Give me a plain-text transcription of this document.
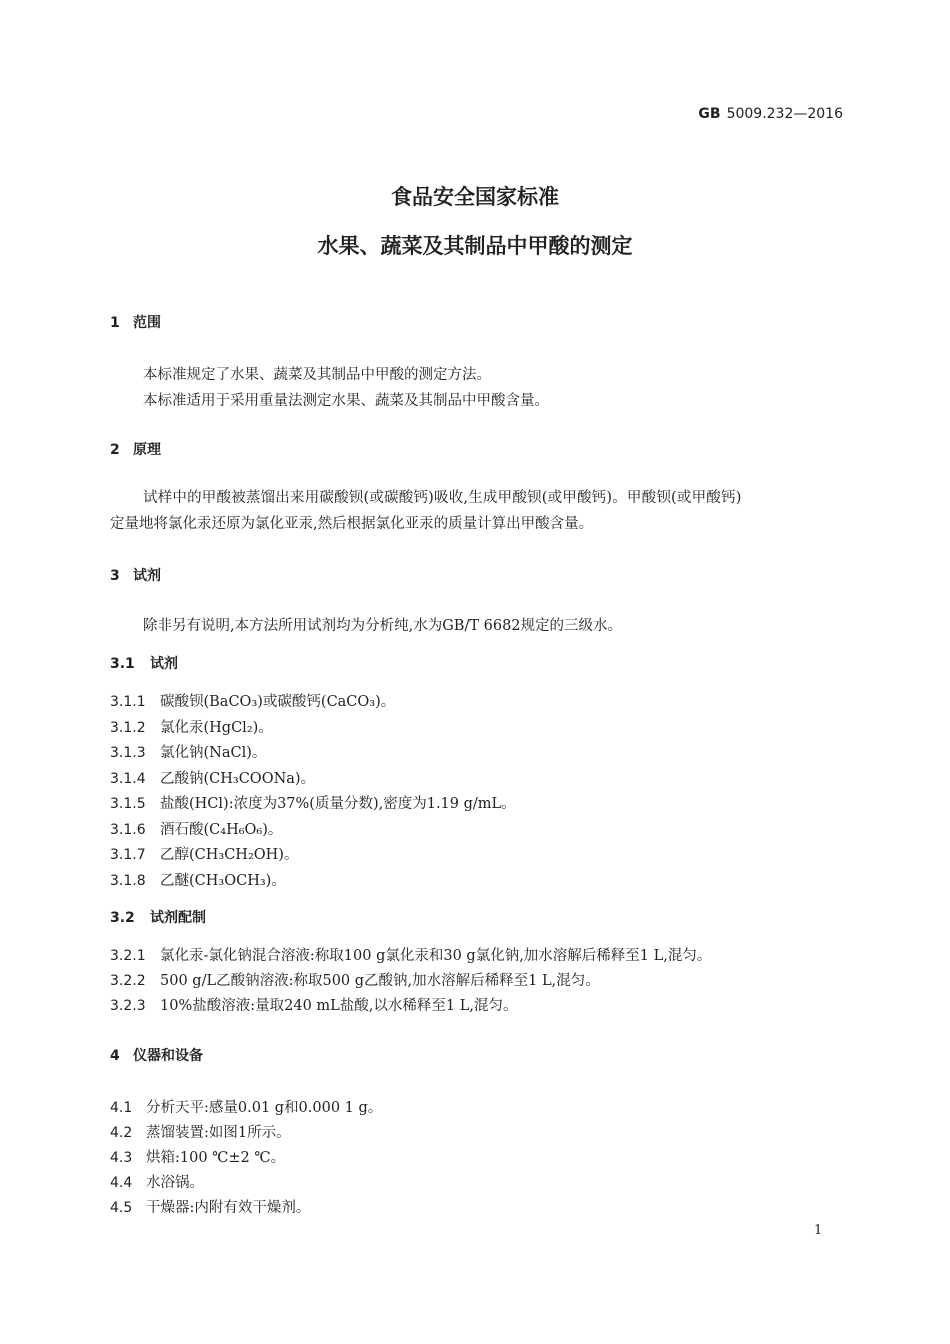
GB 5009.232—2016
食品安全国家标准
水果、蔬菜及其制品中甲酸的测定
1 范围
本标准规定了水果、蔬菜及其制品中甲酸的测定方法。
本标准适用于采用重量法测定水果、蔬菜及其制品中甲酸含量。
2 原理
试样中的甲酸被蒸馏出来用碳酸钡(或碳酸钙)吸收,生成甲酸钡(或甲酸钙)。甲酸钡(或甲酸钙)
定量地将氯化汞还原为氯化亚汞,然后根据氯化亚汞的质量计算出甲酸含量。
3 试剂
除非另有说明,本方法所用试剂均为分析纯,水为GB/T 6682规定的三级水。
3.1 试剂
3.1.1 碳酸钡(BaCO₃)或碳酸钙(CaCO₃)。
3.1.2 氯化汞(HgCl₂)。
3.1.3 氯化钠(NaCl)。
3.1.4 乙酸钠(CH₃COONa)。
3.1.5 盐酸(HCl):浓度为37%(质量分数),密度为1.19 g/mL。
3.1.6 酒石酸(C₄H₆O₆)。
3.1.7 乙醇(CH₃CH₂OH)。
3.1.8 乙醚(CH₃OCH₃)。
3.2 试剂配制
3.2.1 氯化汞-氯化钠混合溶液:称取100 g氯化汞和30 g氯化钠,加水溶解后稀释至1 L,混匀。
3.2.2 500 g/L乙酸钠溶液:称取500 g乙酸钠,加水溶解后稀释至1 L,混匀。
3.2.3 10%盐酸溶液:量取240 mL盐酸,以水稀释至1 L,混匀。
4 仪器和设备
4.1 分析天平:感量0.01 g和0.000 1 g。
4.2 蒸馏装置:如图1所示。
4.3 烘箱:100 ℃±2 ℃。
4.4 水浴锅。
4.5 干燥器:内附有效干燥剂。
1
